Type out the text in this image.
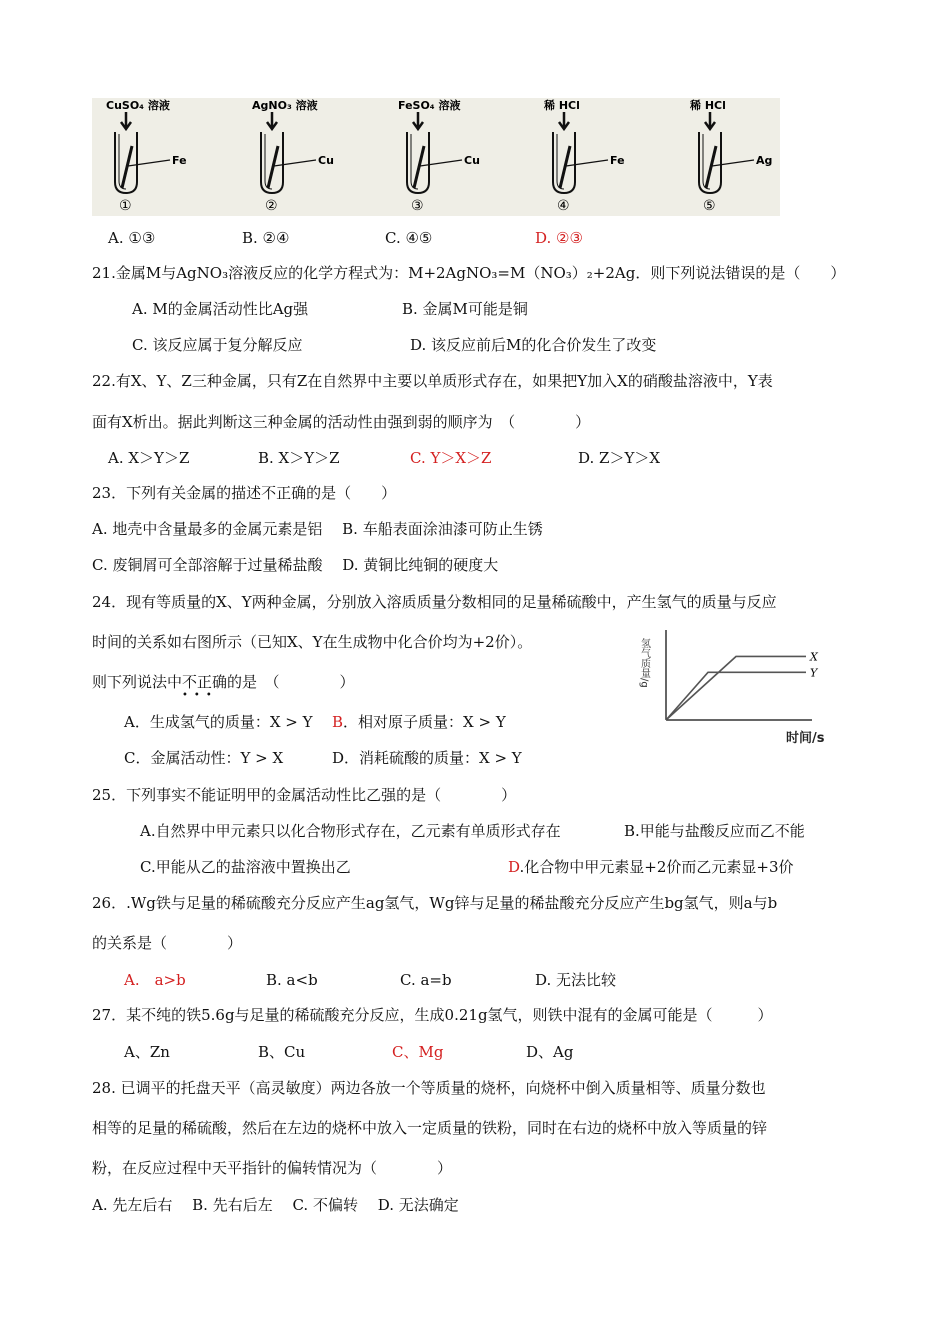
CuSO₄ 溶液
Fe
①
AgNO₃ 溶液
Cu
②
FeSO₄ 溶液
Cu
③
稀 HCl
Fe
④
稀 HCl
Ag
⑤
A. ①③	B. ②④	C. ④⑤	D. ②③
21.金属M与AgNO₃溶液反应的化学方程式为：M+2AgNO₃=M（NO₃）₂+2Ag．则下列说法错误的是（　　）
A. M的金属活动性比Ag强	B. 金属M可能是铜
C. 该反应属于复分解反应	D. 该反应前后M的化合价发生了改变
22.有X、Y、Z三种金属，只有Z在自然界中主要以单质形式存在，如果把Y加入X的硝酸盐溶液中，Y表
面有X析出。据此判断这三种金属的活动性由强到弱的顺序为　（　　　　）
A. X＞Y＞Z	B. X＞Y＞Z	C. Y＞X＞Z	D. Z＞Y＞X
23．下列有关金属的描述不正确的是（　　）
A. 地壳中含量最多的金属元素是铝　 B. 车船表面涂油漆可防止生锈
C. 废铜屑可全部溶解于过量稀盐酸　 D. 黄铜比纯铜的硬度大
24．现有等质量的X、Y两种金属，分别放入溶质质量分数相同的足量稀硫酸中，产生氢气的质量与反应
时间的关系如右图所示（已知X、Y在生成物中化合价均为+2价）。
则下列说法中不正确
•••
的是　（　　　　）
A．生成氢气的质量：X > Y B．相对原子质量：X > Y
C．金属活动性：Y > X	D．消耗硫酸的质量：X > Y
氢气质量/g
时间/s
X
Y
25．下列事实不能证明甲的金属活动性比乙强的是（　　　　）
A.自然界中甲元素只以化合物形式存在，乙元素有单质形式存在	B.甲能与盐酸反应而乙不能
C.甲能从乙的盐溶液中置换出乙	D.化合物中甲元素显+2价而乙元素显+3价
26．.Wg铁与足量的稀硫酸充分反应产生ag氢气，Wg锌与足量的稀盐酸充分反应产生bg氢气，则a与b
的关系是（　　　　）
A.　a>b	B. a<b	C. a=b	D. 无法比较
27．某不纯的铁5.6g与足量的稀硫酸充分反应，生成0.21g氢气，则铁中混有的金属可能是（　　　）
A、Zn	B、Cu	C、Mg	D、Ag
28. 已调平的托盘天平（高灵敏度）两边各放一个等质量的烧杯，向烧杯中倒入质量相等、质量分数也
相等的足量的稀硫酸，然后在左边的烧杯中放入一定质量的铁粉，同时在右边的烧杯中放入等质量的锌
粉，在反应过程中天平指针的偏转情况为（　　　　）
A. 先左后右　 B. 先右后左　 C. 不偏转　 D. 无法确定
